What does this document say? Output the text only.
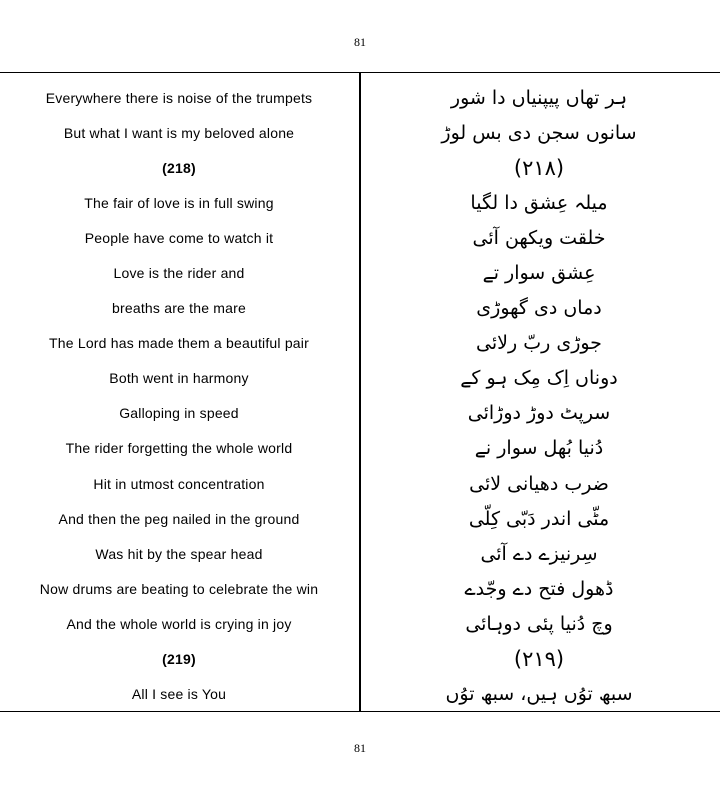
81
Everywhere there is noise of the trumpets	ہر تھاں پیپنیاں دا شور
But what I want is my beloved alone	سانوں سجن دی بس لوڑ
(218)	(۲۱۸)
The fair of love is in full swing	میلہ عِشق دا لگیا
People have come to watch it	خلقت ویکھن آئی
Love is the rider and	عِشق سوار تے
breaths are the mare	دماں دی گھوڑی
The Lord has made them a beautiful pair	جوڑی ربّ رلائی
Both went in harmony	دوناں اِک مِک ہو کے
Galloping in speed	سرپٹ دوڑ دوڑائی
The rider forgetting the whole world	دُنیا بُھل سوار نے
Hit in utmost concentration	ضرب دھیانی لائی
And then the peg nailed in the ground	مٹّی اندر دَبّی کِلّی
Was hit by the spear head	سِرنیزے دے آئی
Now drums are beating to celebrate the win	ڈھول فتح دے وجّدے
And the whole world is crying in joy	وچ دُنیا پئی دوہائی
(219)	(۲۱۹)
All I see is You	سبھ توُں ہیں، سبھ توُں
81
